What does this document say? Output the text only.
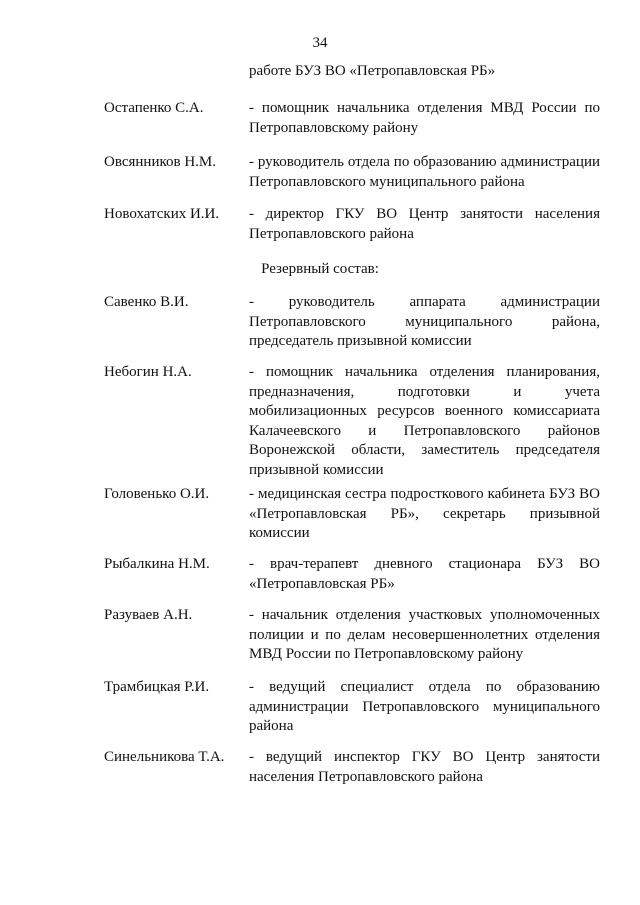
34
работе БУЗ ВО «Петропавловская РБ»
Остапенко С.А.	- помощник начальника отделения МВД России по Петропавловскому району
Овсянников Н.М. - руководитель отдела по образованию администрации Петропавловского муниципального района
Новохатских И.И. - директор ГКУ ВО Центр занятости населения Петропавловского района
Резервный состав:
Савенко В.И.	- руководитель аппарата администрации Петропавловского муниципального района, председатель призывной комиссии
Небогин Н.А.	- помощник начальника отделения планирования, предназначения, подготовки и учета мобилизационных ресурсов военного комиссариата Калачеевского и Петропавловского районов Воронежской области, заместитель председателя призывной комиссии
Головенько О.И.	- медицинская сестра подросткового кабинета БУЗ ВО «Петропавловская РБ», секретарь призывной комиссии
Рыбалкина Н.М.	- врач-терапевт дневного стационара БУЗ ВО «Петропавловская РБ»
Разуваев А.Н.	- начальник отделения участковых уполномоченных полиции и по делам несовершеннолетних отделения МВД России по Петропавловскому району
Трамбицкая Р.И.	- ведущий специалист отдела по образованию администрации Петропавловского муниципального района
Синельникова Т.А. - ведущий инспектор ГКУ ВО Центр занятости населения Петропавловского района
